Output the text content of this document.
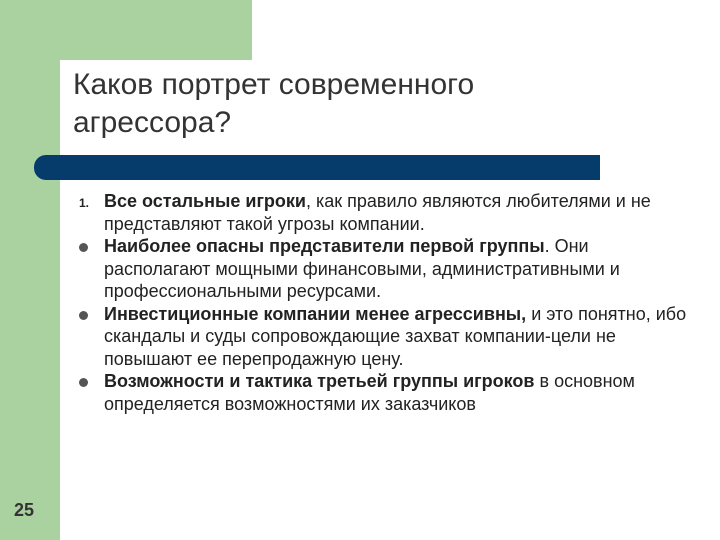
Каков портрет современного
агрессора?
25
1. Все остальные игроки, как правило являются любителями и не представляют такой угрозы компании.

Наиболее опасны представители первой группы. Они располагают мощными финансовыми, административными и профессиональными ресурсами.

Инвестиционные компании менее агрессивны, и это понятно, ибо скандалы и суды сопровождающие захват компании-цели не повышают ее перепродажную цену.

Возможности и тактика третьей группы игроков в основном определяется возможностями их заказчиков
